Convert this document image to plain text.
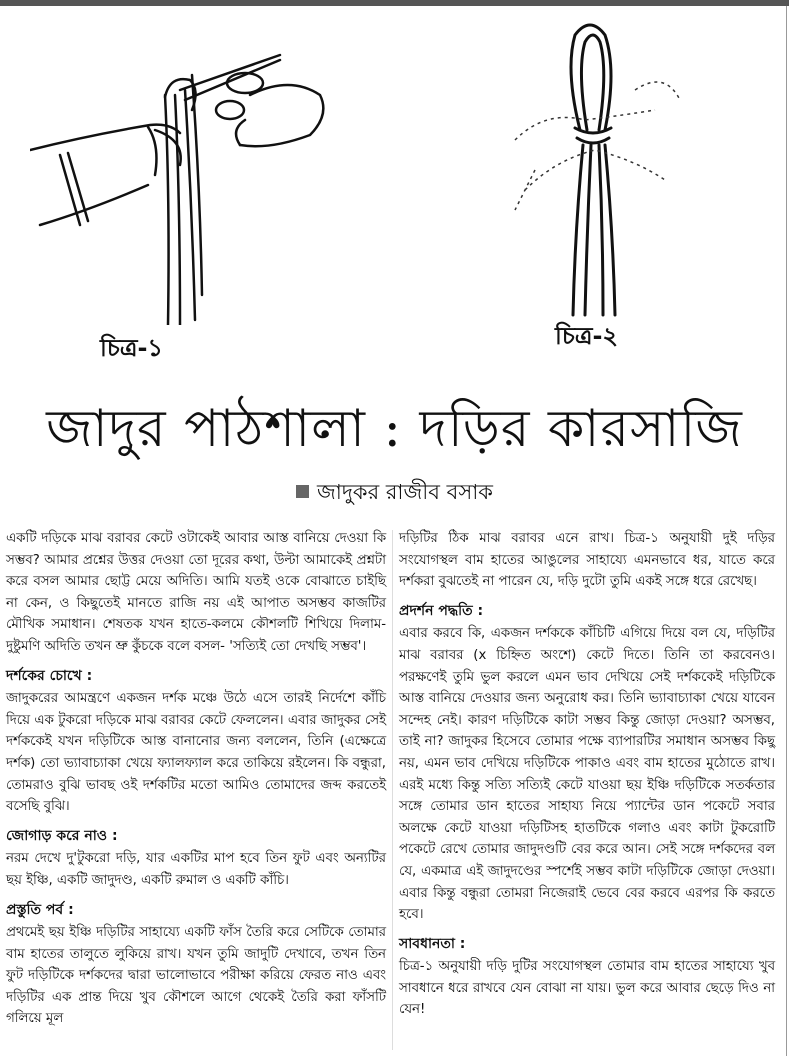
চিত্র-১	চিত্র-২
জাদুর পাঠশালা : দড়ির কারসাজি
জাদুকর রাজীব বসাক

একটি দড়িকে মাঝ বরাবর কেটে ওটাকেই আবার আস্ত বানিয়ে দেওয়া কি সম্ভব? আমার প্রশ্নের উত্তর দেওয়া তো দূরের কথা, উল্টা আমাকেই প্রশ্নটা করে বসল আমার ছোট্ট মেয়ে অদিতি। আমি যতই ওকে বোঝাতে চাইছি না কেন, ও কিছুতেই মানতে রাজি নয় এই আপাত অসম্ভব কাজটির মৌখিক সমাধান। শেষতক যখন হাতে-কলমে কৌশলটি শিখিয়ে দিলাম-দুষ্টুমণি অদিতি তখন ভ্রু কুঁচকে বলে বসল- 'সত্যিই তো দেখছি সম্ভব'।

দর্শকের চোখে :

জাদুকরের আমন্ত্রণে একজন দর্শক মঞ্চে উঠে এসে তারই নির্দেশে কাঁচি দিয়ে এক টুকরো দড়িকে মাঝ বরাবর কেটে ফেললেন। এবার জাদুকর সেই দর্শককেই যখন দড়িটিকে আস্ত বানানোর জন্য বললেন, তিনি (এক্ষেত্রে দর্শক) তো ভ্যাবাচ্যাকা খেয়ে ফ্যালফ্যাল করে তাকিয়ে রইলেন। কি বন্ধুরা, তোমরাও বুঝি ভাবছ ওই দর্শকটির মতো আমিও তোমাদের জব্দ করতেই বসেছি বুঝি।

জোগাড় করে নাও :

নরম দেখে দু'টুকরো দড়ি, যার একটির মাপ হবে তিন ফুট এবং অন্যটির ছয় ইঞ্চি, একটি জাদুদণ্ড, একটি রুমাল ও একটি কাঁচি।

প্রস্তুতি পর্ব :

প্রথমেই ছয় ইঞ্চি দড়িটির সাহায্যে একটি ফাঁস তৈরি করে সেটিকে তোমার বাম হাতের তালুতে লুকিয়ে রাখ। যখন তুমি জাদুটি দেখাবে, তখন তিন ফুট দড়িটিকে দর্শকদের দ্বারা ভালোভাবে পরীক্ষা করিয়ে ফেরত নাও এবং দড়িটির এক প্রান্ত দিয়ে খুব কৌশলে আগে থেকেই তৈরি করা ফাঁসটি গলিয়ে মূল

দড়িটির ঠিক মাঝ বরাবর এনে রাখ। চিত্র-১ অনুযায়ী দুই দড়ির সংযোগস্থল বাম হাতের আঙুলের সাহায্যে এমনভাবে ধর, যাতে করে দর্শকরা বুঝতেই না পারেন যে, দড়ি দুটো তুমি একই সঙ্গে ধরে রেখেছ।

প্রদর্শন পদ্ধতি :

এবার করবে কি, একজন দর্শককে কাঁচিটি এগিয়ে দিয়ে বল যে, দড়িটির মাঝ বরাবর (x চিহ্নিত অংশে) কেটে দিতে। তিনি তা করবেনও। পরক্ষণেই তুমি ভুল করলে এমন ভাব দেখিয়ে সেই দর্শককেই দড়িটিকে আস্ত বানিয়ে দেওয়ার জন্য অনুরোধ কর। তিনি ভ্যাবাচ্যাকা খেয়ে যাবেন সন্দেহ নেই। কারণ দড়িটিকে কাটা সম্ভব কিন্তু জোড়া দেওয়া? অসম্ভব, তাই না? জাদুকর হিসেবে তোমার পক্ষে ব্যাপারটির সমাধান অসম্ভব কিছু নয়, এমন ভাব দেখিয়ে দড়িটিকে পাকাও এবং বাম হাতের মুঠোতে রাখ। এরই মধ্যে কিন্তু সত্যি সত্যিই কেটে যাওয়া ছয় ইঞ্চি দড়িটিকে সতর্কতার সঙ্গে তোমার ডান হাতের সাহায্য নিয়ে প্যান্টের ডান পকেটে সবার অলক্ষে কেটে যাওয়া দড়িটিসহ হাতটিকে গলাও এবং কাটা টুকরোটি পকেটে রেখে তোমার জাদুদণ্ডটি বের করে আন। সেই সঙ্গে দর্শকদের বল যে, একমাত্র এই জাদুদণ্ডের স্পর্শেই সম্ভব কাটা দড়িটিকে জোড়া দেওয়া। এবার কিন্তু বন্ধুরা তোমরা নিজেরাই ভেবে বের করবে এরপর কি করতে হবে।

সাবধানতা :

চিত্র-১ অনুযায়ী দড়ি দুটির সংযোগস্থল তোমার বাম হাতের সাহায্যে খুব সাবধানে ধরে রাখবে যেন বোঝা না যায়। ভুল করে আবার ছেড়ে দিও না যেন!
